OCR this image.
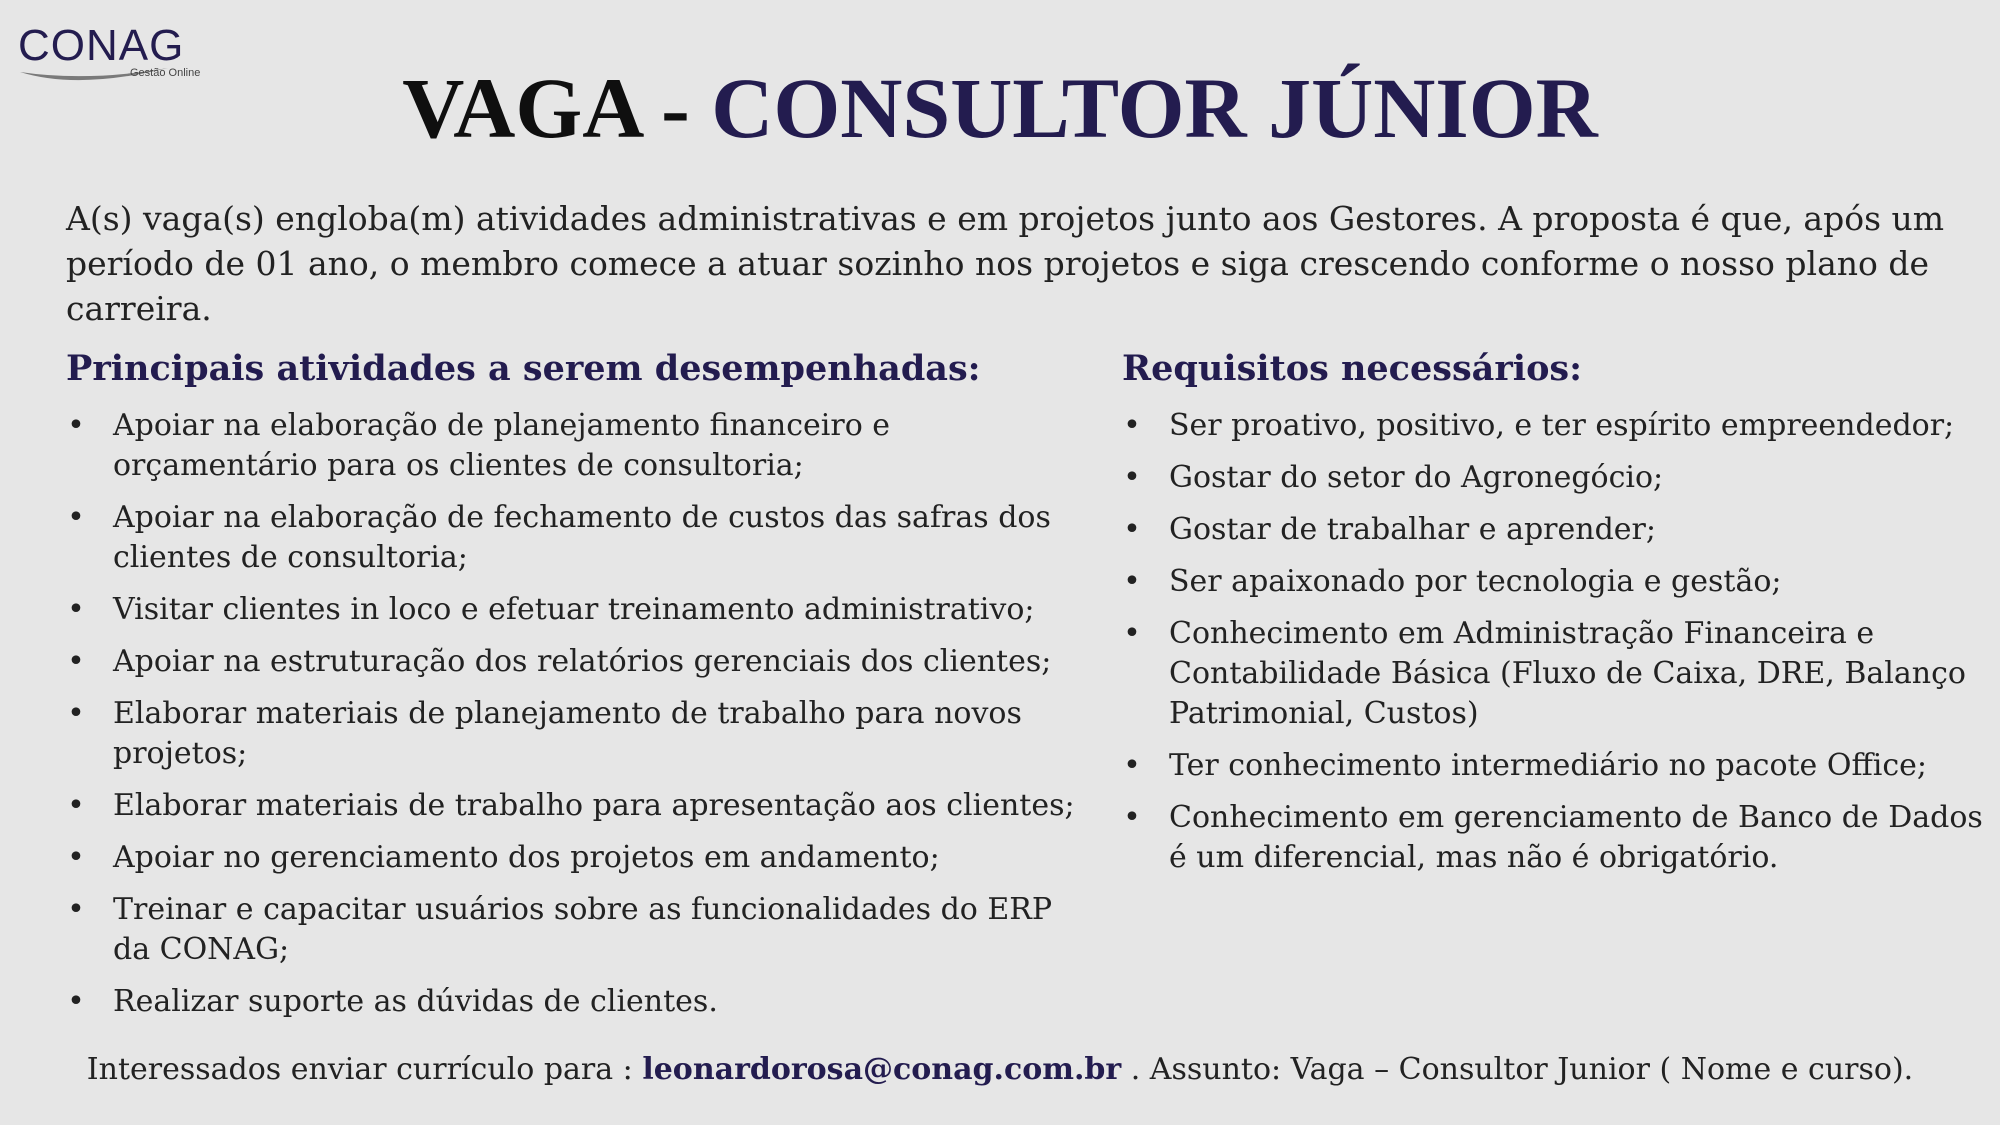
CONAG
Gestão Online	VAGA - CONSULTOR JÚNIOR
A(s) vaga(s) engloba(m) atividades administrativas e em projetos junto aos Gestores. A proposta é que, após um período de 01 ano, o membro comece a atuar sozinho nos projetos e siga crescendo conforme o nosso plano de carreira.
Principais atividades a serem desempenhadas:
• Apoiar na elaboração de planejamento financeiro e orçamentário para os clientes de consultoria;
• Apoiar na elaboração de fechamento de custos das safras dos clientes de consultoria;
• Visitar clientes in loco e efetuar treinamento administrativo;
• Apoiar na estruturação dos relatórios gerenciais dos clientes;
• Elaborar materiais de planejamento de trabalho para novos projetos;
• Elaborar materiais de trabalho para apresentação aos clientes;
• Apoiar no gerenciamento dos projetos em andamento;
• Treinar e capacitar usuários sobre as funcionalidades do ERP da CONAG;
• Realizar suporte as dúvidas de clientes.
Requisitos necessários:
• Ser proativo, positivo, e ter espírito empreendedor;
• Gostar do setor do Agronegócio;
• Gostar de trabalhar e aprender;
• Ser apaixonado por tecnologia e gestão;
• Conhecimento em Administração Financeira e Contabilidade Básica (Fluxo de Caixa, DRE, Balanço Patrimonial, Custos)
• Ter conhecimento intermediário no pacote Office;
• Conhecimento em gerenciamento de Banco de Dados é um diferencial, mas não é obrigatório.
Interessados enviar currículo para : leonardorosa@conag.com.br . Assunto: Vaga – Consultor Junior ( Nome e curso).
